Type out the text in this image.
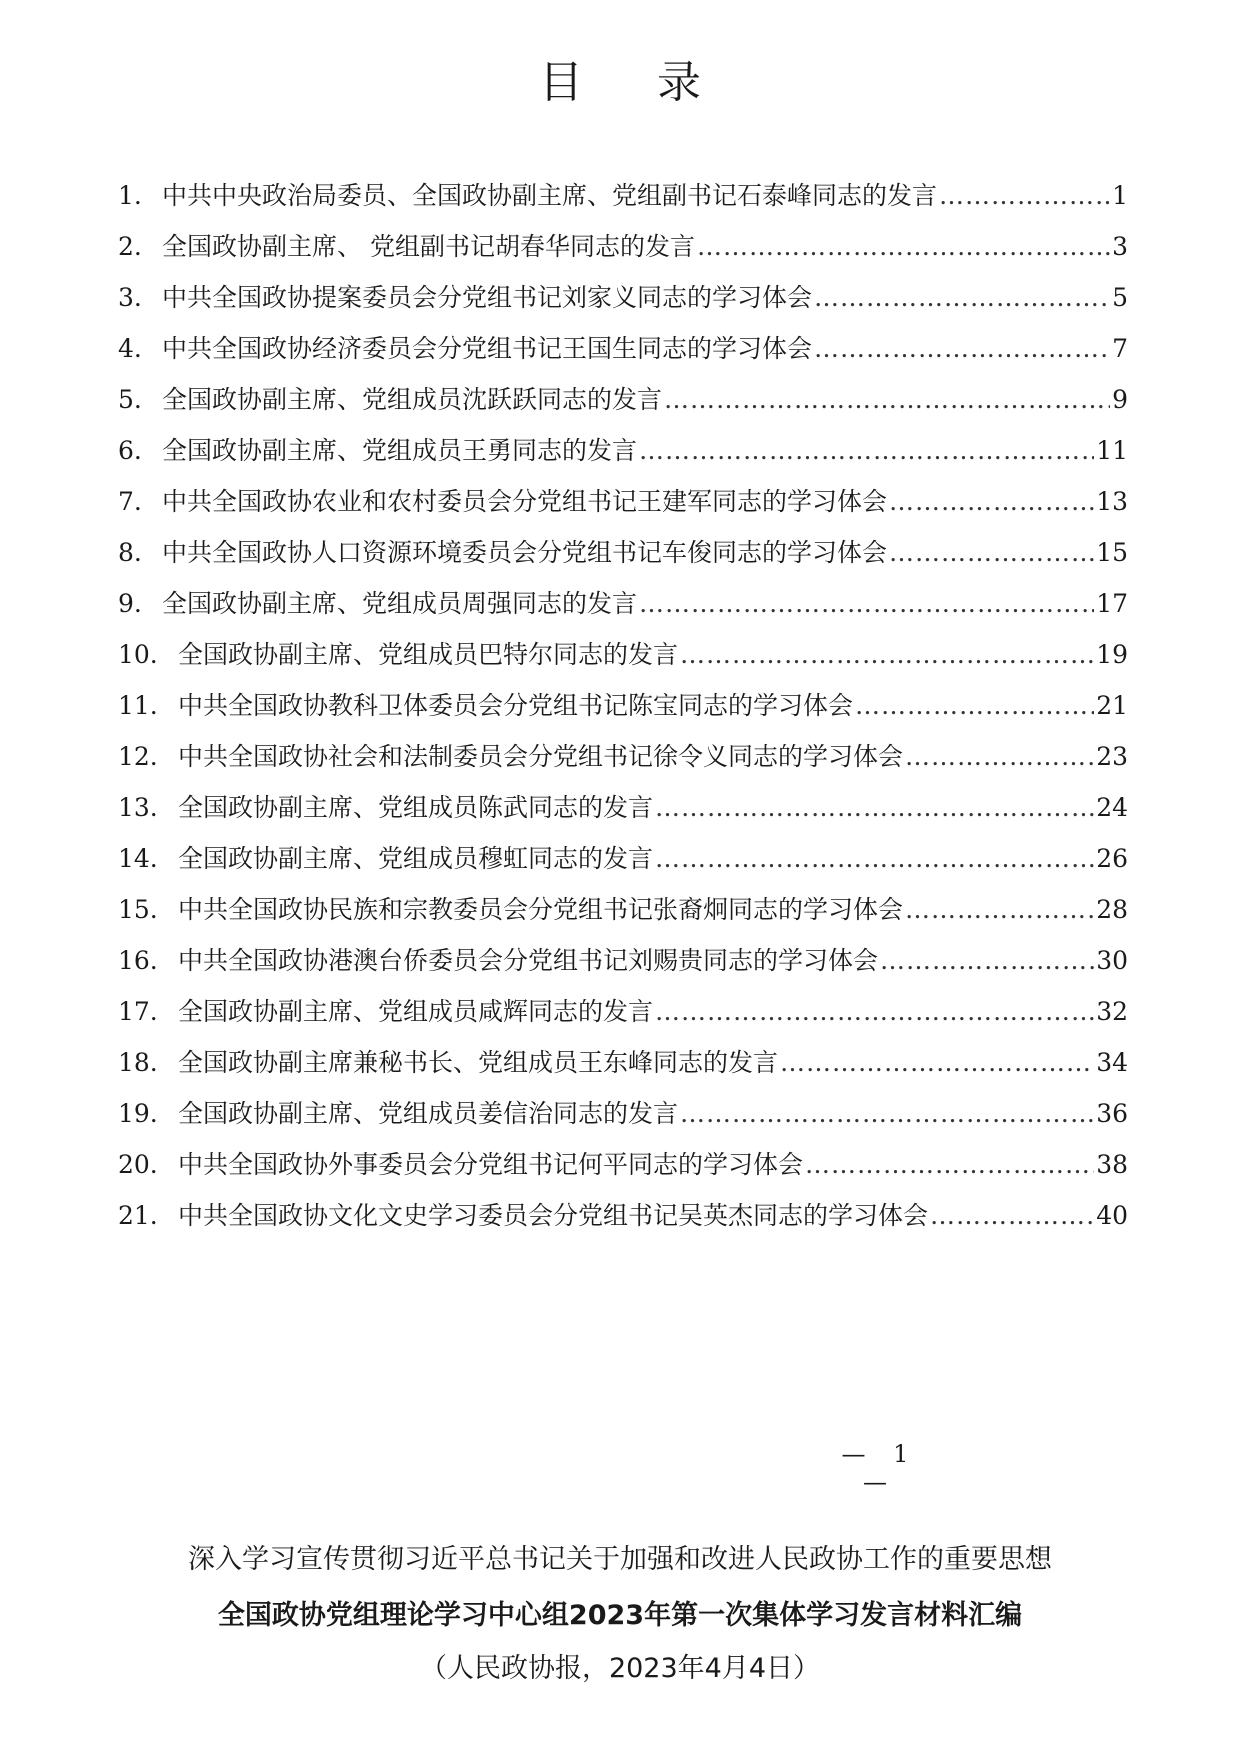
目 录
1. 中共中央政治局委员、全国政协副主席、党组副书记石泰峰同志的发言 ……………………………………………………………………………………………………………………………	1
2. 全国政协副主席、 党组副书记胡春华同志的发言 ……………………………………………………………………………………………………………………………	3
3. 中共全国政协提案委员会分党组书记刘家义同志的学习体会 ……………………………………………………………………………………………………………………………	5
4. 中共全国政协经济委员会分党组书记王国生同志的学习体会 ……………………………………………………………………………………………………………………………	7
5. 全国政协副主席、党组成员沈跃跃同志的发言 ……………………………………………………………………………………………………………………………	9
6. 全国政协副主席、党组成员王勇同志的发言 ……………………………………………………………………………………………………………………………	11
7. 中共全国政协农业和农村委员会分党组书记王建军同志的学习体会 ……………………………………………………………………………………………………………………………	13
8. 中共全国政协人口资源环境委员会分党组书记车俊同志的学习体会 ……………………………………………………………………………………………………………………………	15
9. 全国政协副主席、党组成员周强同志的发言 ……………………………………………………………………………………………………………………………	17
10. 全国政协副主席、党组成员巴特尔同志的发言 ……………………………………………………………………………………………………………………………	19
11. 中共全国政协教科卫体委员会分党组书记陈宝同志的学习体会 ……………………………………………………………………………………………………………………………	21
12. 中共全国政协社会和法制委员会分党组书记徐令义同志的学习体会 ……………………………………………………………………………………………………………………………	23
13. 全国政协副主席、党组成员陈武同志的发言 ……………………………………………………………………………………………………………………………	24
14. 全国政协副主席、党组成员穆虹同志的发言 ……………………………………………………………………………………………………………………………	26
15. 中共全国政协民族和宗教委员会分党组书记张裔炯同志的学习体会 ……………………………………………………………………………………………………………………………	28
16. 中共全国政协港澳台侨委员会分党组书记刘赐贵同志的学习体会 ……………………………………………………………………………………………………………………………	30
17. 全国政协副主席、党组成员咸辉同志的发言 ……………………………………………………………………………………………………………………………	32
18. 全国政协副主席兼秘书长、党组成员王东峰同志的发言 ……………………………………………………………………………………………………………………………	34
19. 全国政协副主席、党组成员姜信治同志的发言 ……………………………………………………………………………………………………………………………	36
20. 中共全国政协外事委员会分党组书记何平同志的学习体会 ……………………………………………………………………………………………………………………………	38
21. 中共全国政协文化文史学习委员会分党组书记吴英杰同志的学习体会 ……………………………………………………………………………………………………………………………	40
— 1 —
深入学习宣传贯彻习近平总书记关于加强和改进人民政协工作的重要思想
全国政协党组理论学习中心组2023年第一次集体学习发言材料汇编
（人民政协报，2023年4月4日）
